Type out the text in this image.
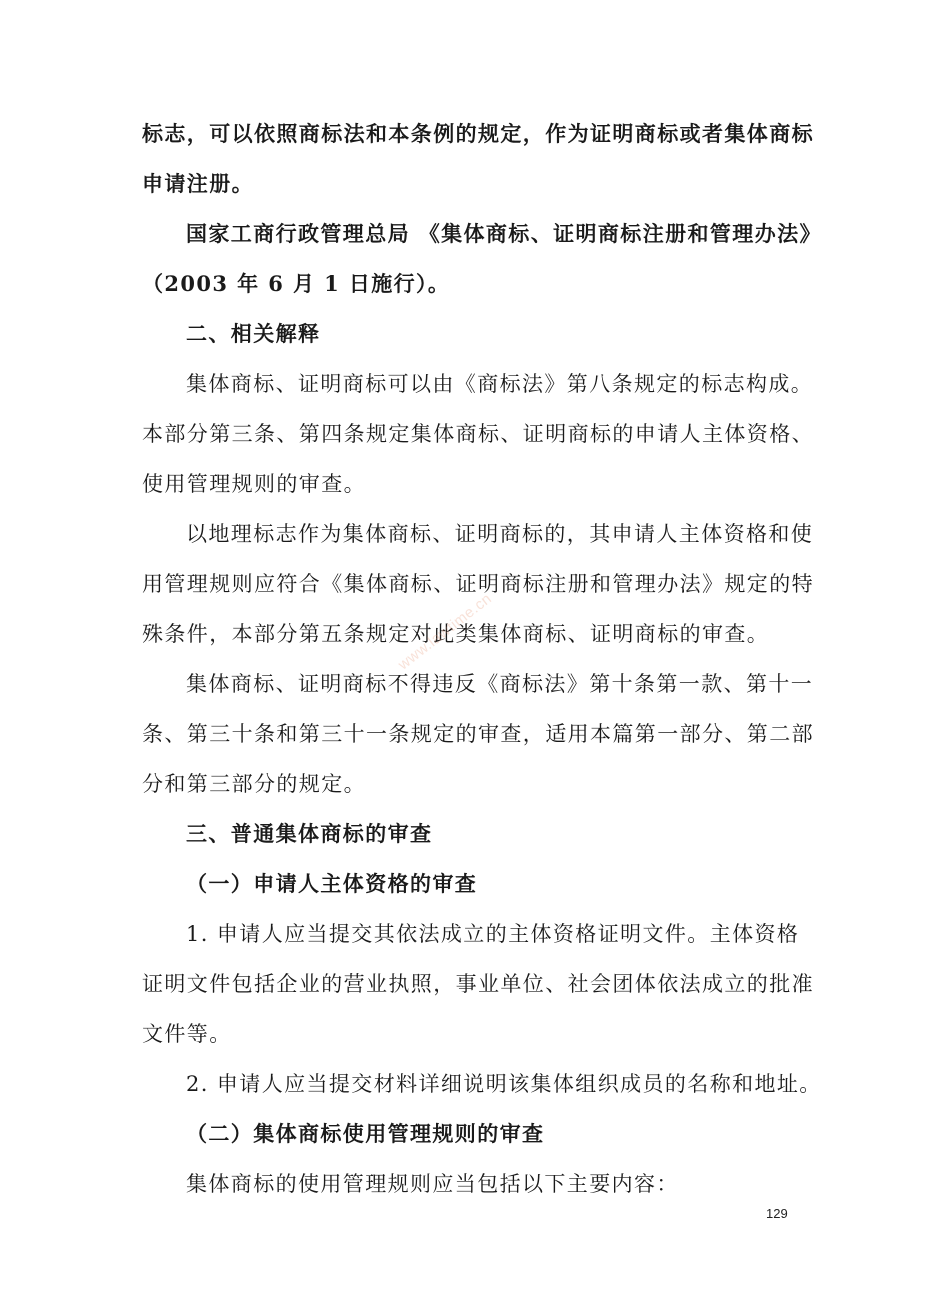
标志，可以依照商标法和本条例的规定，作为证明商标或者集体商标
申请注册。
国家工商行政管理总局 《集体商标、证明商标注册和管理办法》
（2003 年 6 月 1 日施行）。
二、相关解释
集体商标、证明商标可以由《商标法》第八条规定的标志构成。
本部分第三条、第四条规定集体商标、证明商标的申请人主体资格、
使用管理规则的审查。
以地理标志作为集体商标、证明商标的，其申请人主体资格和使
用管理规则应符合《集体商标、证明商标注册和管理办法》规定的特
殊条件，本部分第五条规定对此类集体商标、证明商标的审查。
集体商标、证明商标不得违反《商标法》第十条第一款、第十一
条、第三十条和第三十一条规定的审查，适用本篇第一部分、第二部
分和第三部分的规定。
三、普通集体商标的审查
（一）申请人主体资格的审查
1. 申请人应当提交其依法成立的主体资格证明文件。主体资格
证明文件包括企业的营业执照，事业单位、社会团体依法成立的批准
文件等。
2. 申请人应当提交材料详细说明该集体组织成员的名称和地址。
（二）集体商标使用管理规则的审查
集体商标的使用管理规则应当包括以下主要内容：
www.lawtime.cn
129
